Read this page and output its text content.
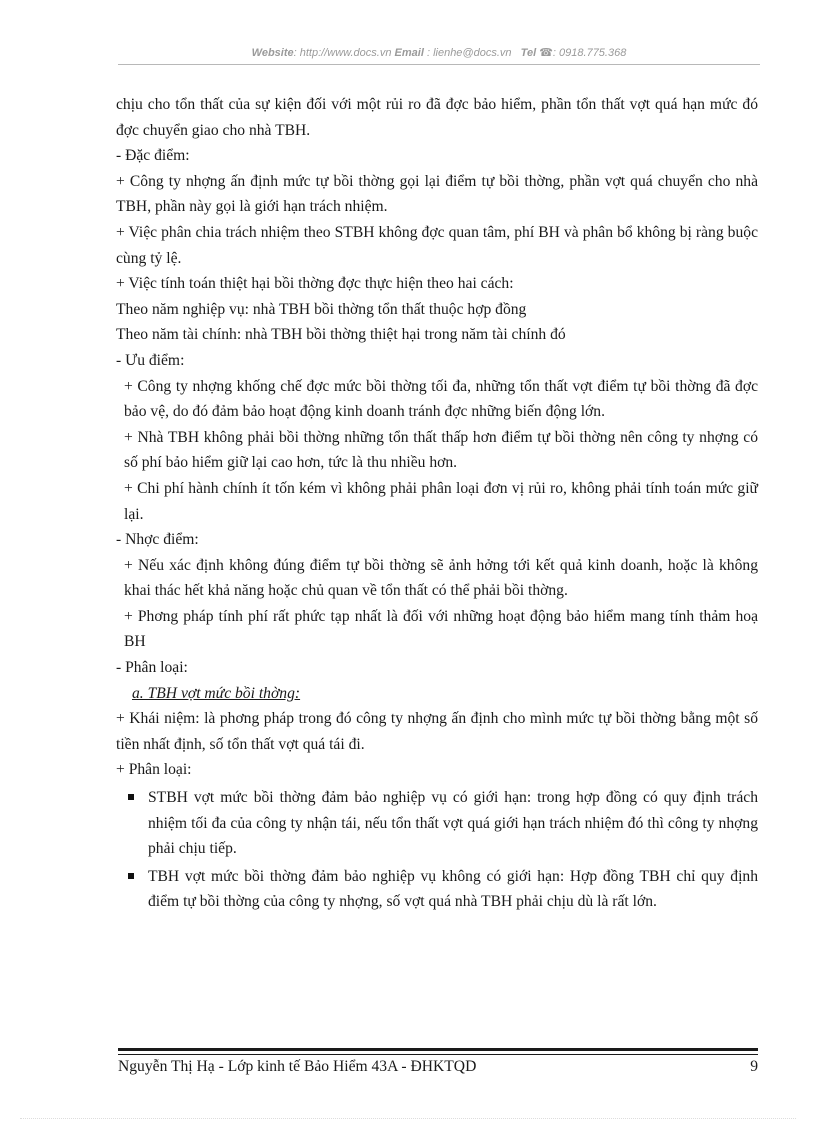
Website: http://www.docs.vn Email : lienhe@docs.vn Tel ☎: 0918.775.368

chịu cho tổn thất của sự kiện đối với một rủi ro đã đợc bảo hiểm, phần tổn thất vợt quá hạn mức đó đợc chuyển giao cho nhà TBH.

- Đặc điểm:

+ Công ty nhợng ấn định mức tự bồi thờng gọi lại điểm tự bồi thờng, phần vợt quá chuyển cho nhà TBH, phần này gọi là giới hạn trách nhiệm.

+ Việc phân chia trách nhiệm theo STBH không đợc quan tâm, phí BH và phân bổ không bị ràng buộc cùng tỷ lệ.

+ Việc tính toán thiệt hại bồi thờng đợc thực hiện theo hai cách:

Theo năm nghiệp vụ: nhà TBH bồi thờng tổn thất thuộc hợp đồng

Theo năm tài chính: nhà TBH bồi thờng thiệt hại trong năm tài chính đó

- Ưu điểm:

+ Công ty nhợng khống chế đợc mức bồi thờng tối đa, những tổn thất vợt điểm tự bồi thờng đã đợc bảo vệ, do đó đảm bảo hoạt động kinh doanh tránh đợc những biến động lớn.

+ Nhà TBH không phải bồi thờng những tổn thất thấp hơn điểm tự bồi thờng nên công ty nhợng có số phí bảo hiểm giữ lại cao hơn, tức là thu nhiều hơn.

+ Chi phí hành chính ít tốn kém vì không phải phân loại đơn vị rủi ro, không phải tính toán mức giữ lại.

- Nhợc điểm:

+ Nếu xác định không đúng điểm tự bồi thờng sẽ ảnh hởng tới kết quả kinh doanh, hoặc là không khai thác hết khả năng hoặc chủ quan về tổn thất có thể phải bồi thờng.

+ Phơng pháp tính phí rất phức tạp nhất là đối với những hoạt động bảo hiểm mang tính thảm hoạ BH

- Phân loại:

a. TBH vợt mức bồi thờng:

+ Khái niệm: là phơng pháp trong đó công ty nhợng ấn định cho mình mức tự bồi thờng bằng một số tiền nhất định, số tổn thất vợt quá tái đi.

+ Phân loại:

STBH vợt mức bồi thờng đảm bảo nghiệp vụ có giới hạn: trong hợp đồng có quy định trách nhiệm tối đa của công ty nhận tái, nếu tổn thất vợt quá giới hạn trách nhiệm đó thì công ty nhợng phải chịu tiếp.
TBH vợt mức bồi thờng đảm bảo nghiệp vụ không có giới hạn: Hợp đồng TBH chỉ quy định điểm tự bồi thờng của công ty nhợng, số vợt quá nhà TBH phải chịu dù là rất lớn.
Nguyễn Thị Hạ - Lớp kinh tế Bảo Hiểm 43A - ĐHKTQD	9
